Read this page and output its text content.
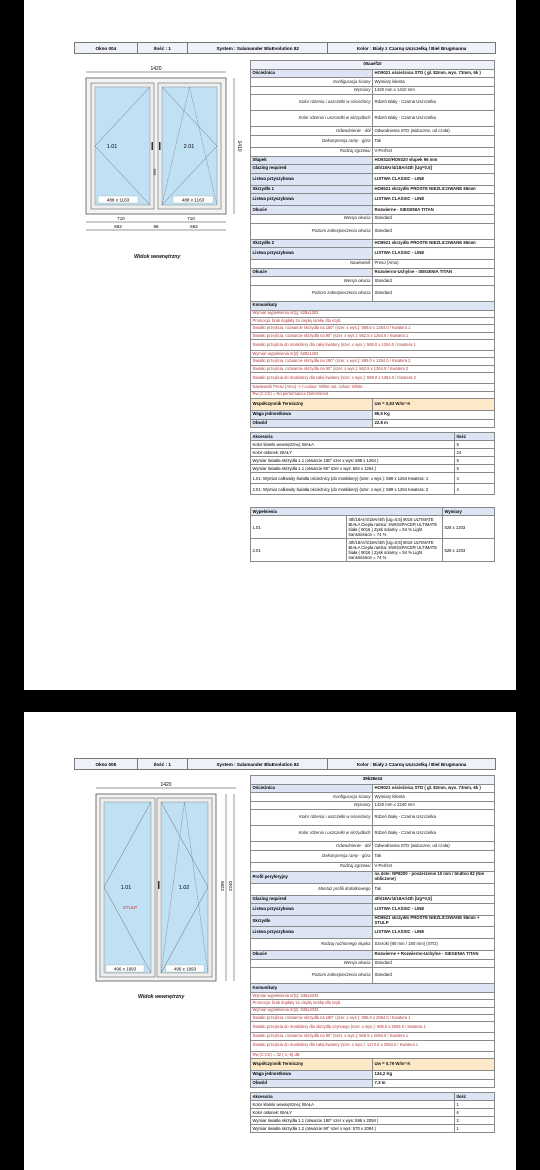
Okno 004	Ilość : 1	System : Salamander BluEvolution 82	Kolor : Biały z Czarną Uszczelką / Biel Brugmanna
1420
1410
1.01	2.01
690
488 x 1163	488 x 1163
710	710
662	96	662
Widok wewnętrzny
00aaef10	
Ościeżnica	HO9021 ościeżnica STD ( gł. 82mm, wys. 73mm, 6k )
Konfiguracja ściany	Wymiary klienta
Wymiary	1420 mm x 1410 mm
Kolor rdzenia i uszczelki w ościeżnicy	Rdzeń Biały - Czarna Uszczelka
Kolor rdzenia i uszczelki w skrzydłach	Rdzeń Biały - Czarna Uszczelka
Odwodnienie - dół	Odwodnienia STD (widoczne, od czoła)
Dekompresja ramy - góra	Tak
Rodzaj zgrzewu	V-Perfect
Słupek	HO9310/HO9320 słupek 96 mm
Glazing required	4th/18Ar/4/18Ar/4th [Ug=0,5]
Listwa przyszybowa	LISTWA CLASSIC - LINE
Skrzydło 1	HO8521 skrzydło PROSTE NIEZLICOWANE 65mm
Listwa przyszybowa	LISTWA CLASSIC - LINE
Okucie	Rozwierne - SIEGENIA TITAN
Wersja okucia	Standard
Poziom zabezpieczenia okucia	Standard
Skrzydło 2	HO8521 skrzydło PROSTE NIEZLICOWANE 65mm
Listwa przyszybowa	LISTWA CLASSIC - LINE
Nawiewnik	Preso (Amo)
Okucie	Rozwierno-Uchylne - SIEGENIA TITAN
Wersja okucia	Standard
Poziom zabezpieczenia okucia	Standard
Komunikaty	
Wymiar wypełnienia nr[1]: 528x1203	
Promocja: brak dopłaty za ciepłą ramkę dla szyb.	
Światło przejścia, rozwarcie skrzydła na 180° (szer. x wys.): 589.0 x 1264.0 / Kwatera 1	
Światło przejścia, rozwarcie skrzydła na 90° (szer. x wys.): 562.5 x 1264.0 / Kwatera 1	
Światło przejścia do moskitiery dla całej kwatery (szer. x wys.): 589.0 x 1264.0 / Kwatera 1	
Wymiar wypełnienia nr[2]: 528x1203	
Światło przejścia, rozwarcie skrzydła na 180° (szer. x wys.): 589.0 x 1264.0 / Kwatera 2	
Światło przejścia, rozwarcie skrzydła na 90° (szer. x wys.): 562.5 x 1264.0 / Kwatera 2	
Światło przejścia do moskitiery dla całej kwatery (szer. x wys.): 589.0 x 1264.0 / Kwatera 2	
Nawiewnik Preso (Amo) -> n.colour: White out. colour: White	
Rw (C;Ctr) = No performance Determined	
Współczynnik Termiczny	Uw = 0,83 W/m²·K
Waga jednostkowa	85,5 Kg
Obwód	22.8 m
Akcesoria	Ilość
Kolor klamki wewnętrznej: BIAŁA	8
Kolor osłonek: BIAŁY	24
Wymiar światła skrzydła 1.1 (otwarcie 180° szer x wys: 589 x 1264 )	8
Wymiar światła skrzydła 1.1 (otwarcie 90° szer x wys: 562 x 1264 )	8
1.01: Wymiar całkowity światła ościeżnicy (do moskitiery) (szer. x wys.): 589 x 1264 Kwatera: 1	4
2.01: Wymiar całkowity światła ościeżnicy (do moskitiery) (szer. x wys.): 589 x 1264 Kwatera: 2	4
Wypełnienia		Wymiary
1.01	4th/18Ar/4/18Ar/4th [Ug=0,5] 9016 ULTIMATE BIAŁA Ciepła ramka: SWISSPACER ULTIMATE biała ( 9016 ) Zysk solarny = 54 % Light transmission = 74 %	528 x 1203
2.01	4th/18Ar/4/18Ar/4th [Ug=0,5] 9016 ULTIMATE BIAŁA Ciepła ramka: SWISSPACER ULTIMATE biała ( 9016 ) Zysk solarny = 54 % Light transmission = 74 %	528 x 1203
Okno 005	Ilość : 1	System : Salamander BluEvolution 82	Kolor : Biały z Czarną Uszczelką / Biel Brugmanna
1420
2280 2240
1.01	1.02
STULP
496 x 1993	496 x 1993
Widok wewnętrzny
39b28e34	
Ościeżnica	HO9021 ościeżnica STD ( gł. 82mm, wys. 73mm, 6k )
Konfiguracja ściany	Wymiary klienta
Wymiary	1420 mm x 2240 mm
Kolor rdzenia i uszczelki w ościeżnicy	Rdzeń Biały - Czarna Uszczelka
Kolor rdzenia i uszczelki w skrzydłach	Rdzeń Biały - Czarna Uszczelka
Odwodnienie - dół	Odwodnienia STD (widoczne, od czoła)
Dekompresja ramy - góra	Tak
Rodzaj zgrzewu	V-Perfect
Profil peryferyjny	na dole: NP8200 - poszerzenie 10 mm / bluEvo 82 (Nie obliczone)
Montaż profili dodatkowego	Tak
Glazing required	4th/18Ar/4/18Ar/4th [Ug=0,5]
Listwa przyszybowa	LISTWA CLASSIC - LINE
Skrzydło	HO8521 skrzydło PROSTE NIEZLICOWANE 65mm + STULP
Listwa przyszybowa	LISTWA CLASSIC - LINE
Rodzaj ruchomego słupka	Szeroki (80 mm / 180 mm) (STD)
Okucie	Rozwierne + Rozwierno-Uchylne - SIEGENIA TITAN
Wersja okucia	Standard
Poziom zabezpieczenia okucia	Standard
Komunikaty	
Wymiar wypełnienia nr[1]: 536x2033	
Promocja: brak dopłaty za ciepłą ramkę dla szyb.	
Wymiar wypełnienia nr[2]: 536x2033	
Światło przejścia, rozwarcie skrzydła na 180° (szer. x wys.): 596.0 x 2094.0 / Kwatera 1	
Światło przejścia do moskitiery dla skrzydła czynnego (szer. x wys.): 596.0 x 2094.0 / Kwatera 1	
Światło przejścia, rozwarcie skrzydła na 90° (szer. x wys.): 569.5 x 2094.0 / Kwatera 1	
Światło przejścia do moskitiery dla całej kwatery (szer. x wys.): 1274.0 x 2094.0 / Kwatera 1	
Rw (C;Ctr) = 32 (-1;-5) dB	
Współczynnik Termiczny	Uw = 0,79 W/m²·K
Waga jednostkowa	134,2 Kg
Obwód	7.3 m
Akcesoria	Ilość
Kolor klamki wewnętrznej: BIAŁA	1
Kolor osłonek: BIAŁY	6
Wymiar światła skrzydła 1.1 (otwarcie 180° szer x wys: 596 x 2094 )	2
Wymiar światła skrzydła 1.2 (otwarcie 90° szer x wys: 570 x 2094 )	1
